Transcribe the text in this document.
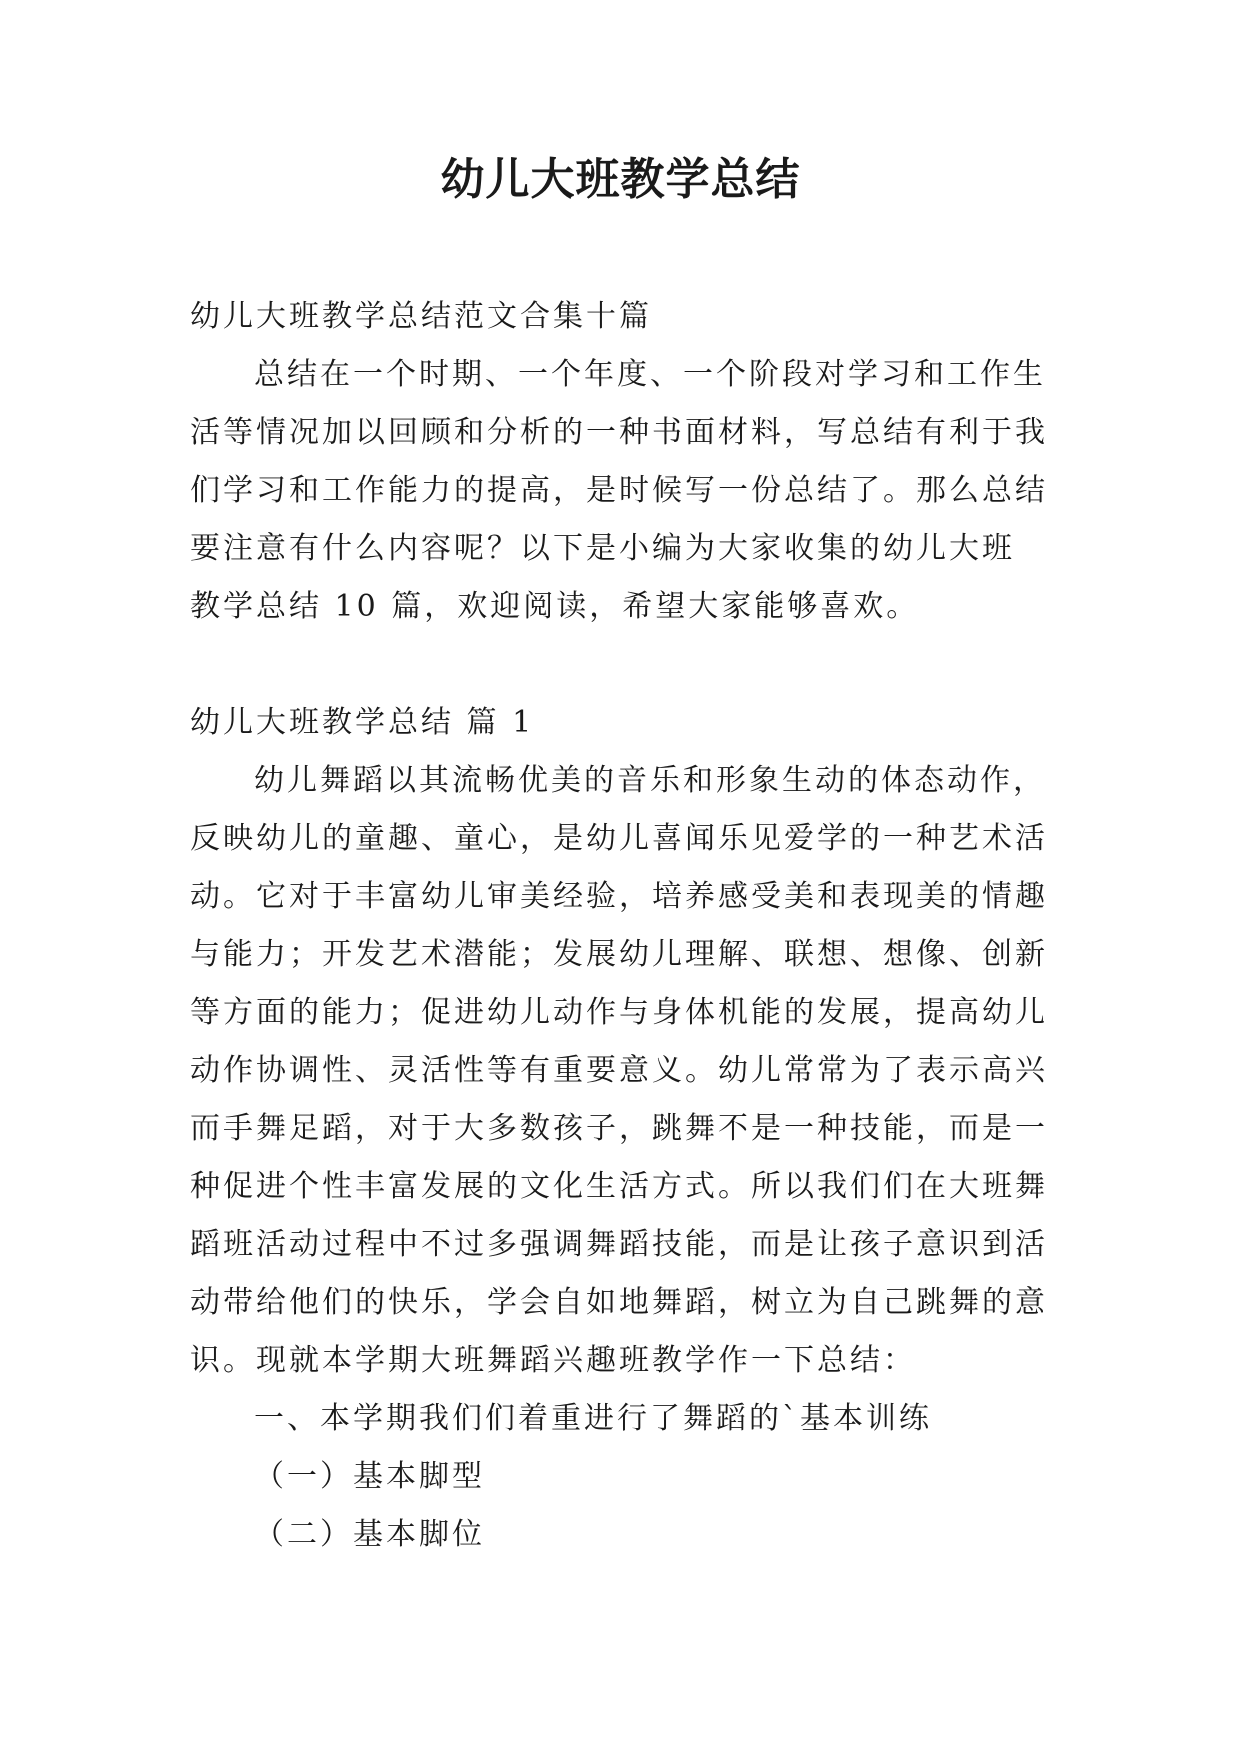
幼儿大班教学总结

幼儿大班教学总结范文合集十篇

总结在一个时期、一个年度、一个阶段对学习和工作生

活等情况加以回顾和分析的一种书面材料，写总结有利于我

们学习和工作能力的提高，是时候写一份总结了。那么总结

要注意有什么内容呢？以下是小编为大家收集的幼儿大班

教学总结 10 篇，欢迎阅读，希望大家能够喜欢。

幼儿大班教学总结 篇 1

幼儿舞蹈以其流畅优美的音乐和形象生动的体态动作，

反映幼儿的童趣、童心，是幼儿喜闻乐见爱学的一种艺术活

动。它对于丰富幼儿审美经验，培养感受美和表现美的情趣

与能力；开发艺术潜能；发展幼儿理解、联想、想像、创新

等方面的能力；促进幼儿动作与身体机能的发展，提高幼儿

动作协调性、灵活性等有重要意义。幼儿常常为了表示高兴

而手舞足蹈，对于大多数孩子，跳舞不是一种技能，而是一

种促进个性丰富发展的文化生活方式。所以我们们在大班舞

蹈班活动过程中不过多强调舞蹈技能，而是让孩子意识到活

动带给他们的快乐，学会自如地舞蹈，树立为自己跳舞的意

识。现就本学期大班舞蹈兴趣班教学作一下总结：

一、本学期我们们着重进行了舞蹈的`基本训练

（一）基本脚型

（二）基本脚位
